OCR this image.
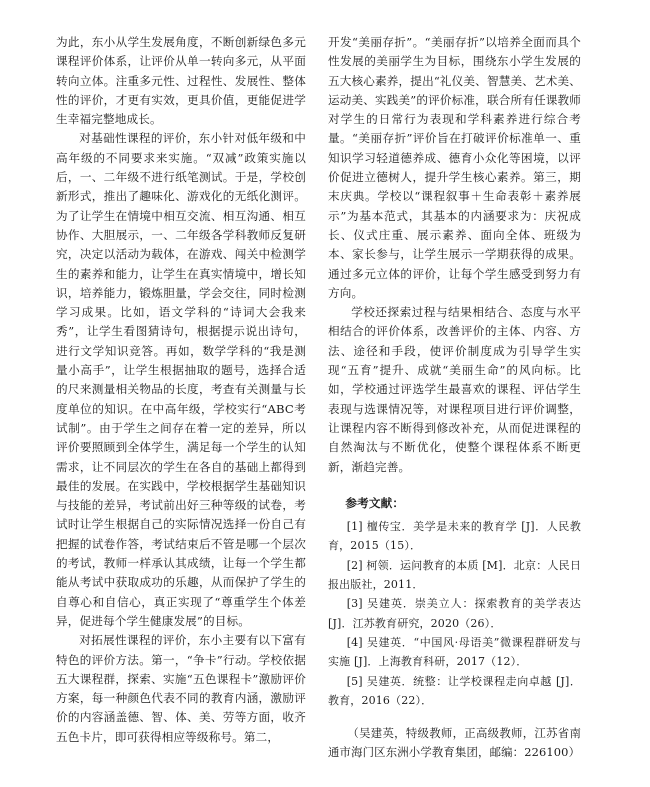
为此，东小从学生发展角度，不断创新绿色多元课程评价体系，让评价从单一转向多元，从平面转向立体。注重多元性、过程性、发展性、整体性的评价，才更有实效，更具价值，更能促进学生幸福完整地成长。

对基础性课程的评价，东小针对低年级和中高年级的不同要求来实施。“双减”政策实施以后，一、二年级不进行纸笔测试。于是，学校创新形式，推出了趣味化、游戏化的无纸化测评。为了让学生在情境中相互交流、相互沟通、相互协作、大胆展示，一、二年级各学科教师反复研究，决定以活动为载体，在游戏、闯关中检测学生的素养和能力，让学生在真实情境中，增长知识，培养能力，锻炼胆量，学会交往，同时检测学习成果。比如，语文学科的“诗词大会我来秀”，让学生看图猜诗句，根据提示说出诗句，进行文学知识竞答。再如，数学学科的“我是测量小高手”，让学生根据抽取的题号，选择合适的尺来测量相关物品的长度，考查有关测量与长度单位的知识。在中高年级，学校实行“ABC考试制”。由于学生之间存在着一定的差异，所以评价要照顾到全体学生，满足每一个学生的认知需求，让不同层次的学生在各自的基础上都得到最佳的发展。在实践中，学校根据学生基础知识与技能的差异，考试前出好三种等级的试卷，考试时让学生根据自己的实际情况选择一份自己有把握的试卷作答，考试结束后不管是哪一个层次的考试，教师一样承认其成绩，让每一个学生都能从考试中获取成功的乐趣，从而保护了学生的自尊心和自信心，真正实现了“尊重学生个体差异，促进每个学生健康发展”的目标。

对拓展性课程的评价，东小主要有以下富有特色的评价方法。第一，“争卡”行动。学校依据五大课程群，探索、实施“五色课程卡”激励评价方案，每一种颜色代表不同的教育内涵，激励评价的内容涵盖德、智、体、美、劳等方面，收齐五色卡片，即可获得相应等级称号。第二，

开发“美丽存折”。“美丽存折”以培养全面而具个性发展的美丽学生为目标，围绕东小学生发展的五大核心素养，提出“礼仪美、智慧美、艺术美、运动美、实践美”的评价标准，联合所有任课教师对学生的日常行为表现和学科素养进行综合考量。“美丽存折”评价旨在打破评价标准单一、重知识学习轻道德养成、德育小众化等困境，以评价促进立德树人，提升学生核心素养。第三，期末庆典。学校以“课程叙事＋生命表彰＋素养展示”为基本范式，其基本的内涵要求为：庆祝成长、仪式庄重、展示素养、面向全体、班级为本、家长参与，让学生展示一学期获得的成果。通过多元立体的评价，让每个学生感受到努力有方向。

学校还探索过程与结果相结合、态度与水平相结合的评价体系，改善评价的主体、内容、方法、途径和手段，使评价制度成为引导学生实现“五育”提升、成就“美丽生命”的风向标。比如，学校通过评选学生最喜欢的课程、评估学生表现与选课情况等，对课程项目进行评价调整，让课程内容不断得到修改补充，从而促进课程的自然淘汰与不断优化，使整个课程体系不断更新，渐趋完善。

参考文献：

[1] 檀传宝．美学是未来的教育学 [J]．人民教育，2015（15）．

[2] 柯领．运问教育的本质 [M]．北京：人民日报出版社，2011．

[3] 吴建英．崇美立人：探索教育的美学表达 [J]．江苏教育研究，2020（26）．

[4] 吴建英．“中国风·母语美”微课程群研发与实施 [J]．上海教育科研，2017（12）．

[5] 吴建英．统整：让学校课程走向卓越 [J]．教育，2016（22）．

（吴建英，特级教师，正高级教师，江苏省南通市海门区东洲小学教育集团，邮编：226100）
